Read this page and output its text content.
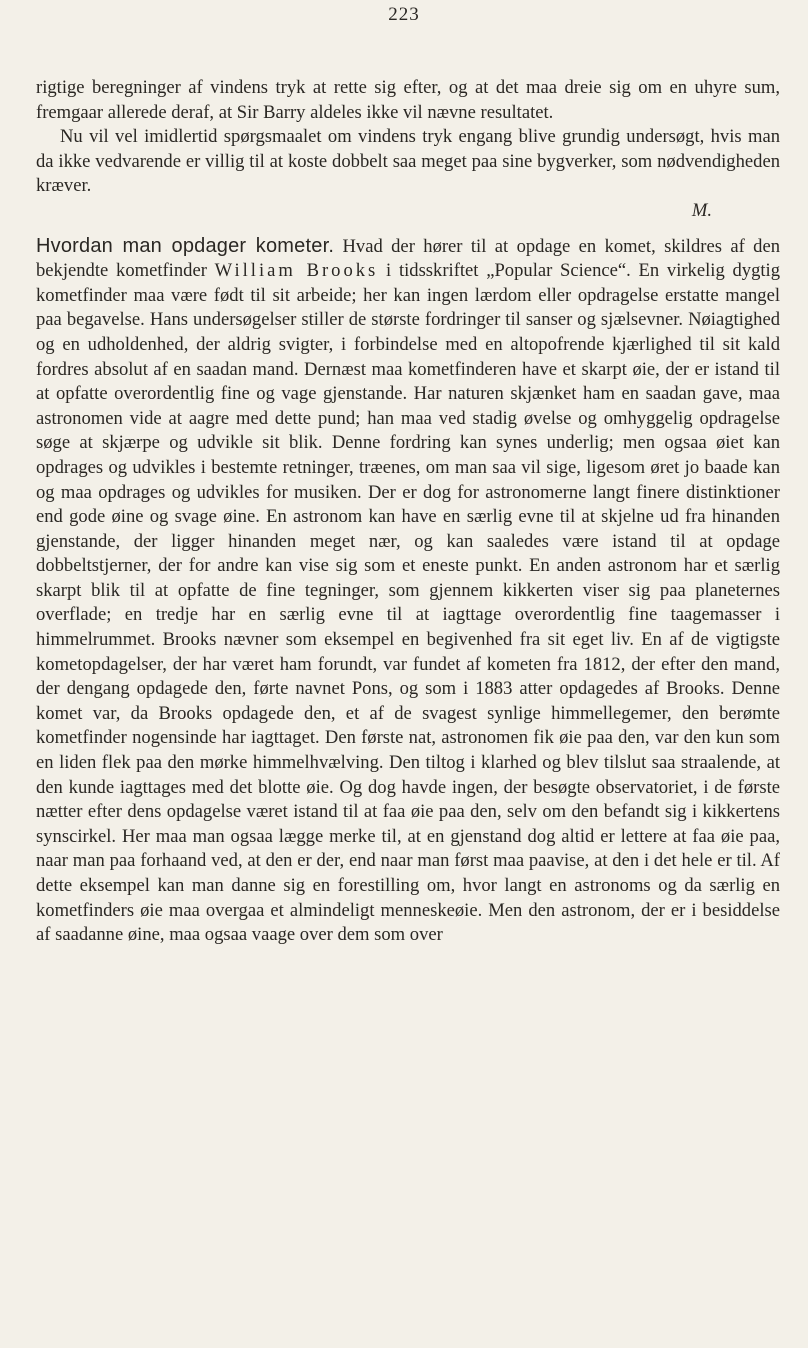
223

rigtige beregninger af vindens tryk at rette sig efter, og at det maa dreie sig om en uhyre sum, fremgaar allerede deraf, at Sir Barry aldeles ikke vil nævne resultatet.

Nu vil vel imidlertid spørgsmaalet om vindens tryk engang blive grundig undersøgt, hvis man da ikke vedvarende er villig til at koste dobbelt saa meget paa sine bygverker, som nødvendigheden kræver.

M.

Hvordan man opdager kometer. Hvad der hører til at opdage en komet, skildres af den bekjendte kometfinder William Brooks i tidsskriftet „Popular Science“. En virkelig dygtig kometfinder maa være født til sit arbeide; her kan ingen lærdom eller opdragelse erstatte mangel paa begavelse. Hans undersøgelser stiller de største fordringer til sanser og sjælsevner. Nøiagtighed og en udholdenhed, der aldrig svigter, i forbindelse med en altopofrende kjærlighed til sit kald fordres absolut af en saadan mand. Dernæst maa kometfinderen have et skarpt øie, der er istand til at opfatte overordentlig fine og vage gjenstande. Har naturen skjænket ham en saadan gave, maa astronomen vide at aagre med dette pund; han maa ved stadig øvelse og omhyggelig opdragelse søge at skjærpe og udvikle sit blik. Denne fordring kan synes underlig; men ogsaa øiet kan opdrages og udvikles i bestemte retninger, træenes, om man saa vil sige, ligesom øret jo baade kan og maa opdrages og udvikles for musiken. Der er dog for astronomerne langt finere distinktioner end gode øine og svage øine. En astronom kan have en særlig evne til at skjelne ud fra hinanden gjenstande, der ligger hinanden meget nær, og kan saaledes være istand til at opdage dobbeltstjerner, der for andre kan vise sig som et eneste punkt. En anden astronom har et særlig skarpt blik til at opfatte de fine tegninger, som gjennem kikkerten viser sig paa planeternes overflade; en tredje har en særlig evne til at iagttage overordentlig fine taagemasser i himmelrummet. Brooks nævner som eksempel en begivenhed fra sit eget liv. En af de vigtigste kometopdagelser, der har været ham forundt, var fundet af kometen fra 1812, der efter den mand, der dengang opdagede den, førte navnet Pons, og som i 1883 atter opdagedes af Brooks. Denne komet var, da Brooks opdagede den, et af de svagest synlige himmellegemer, den berømte kometfinder nogensinde har iagttaget. Den første nat, astronomen fik øie paa den, var den kun som en liden flek paa den mørke himmelhvælving. Den tiltog i klarhed og blev tilslut saa straalende, at den kunde iagttages med det blotte øie. Og dog havde ingen, der besøgte observatoriet, i de første nætter efter dens opdagelse været istand til at faa øie paa den, selv om den befandt sig i kikkertens synscirkel. Her maa man ogsaa lægge merke til, at en gjenstand dog altid er lettere at faa øie paa, naar man paa forhaand ved, at den er der, end naar man først maa paavise, at den i det hele er til. Af dette eksempel kan man danne sig en forestilling om, hvor langt en astronoms og da særlig en kometfinders øie maa overgaa et almindeligt menneskeøie. Men den astronom, der er i besiddelse af saadanne øine, maa ogsaa vaage over dem som over
